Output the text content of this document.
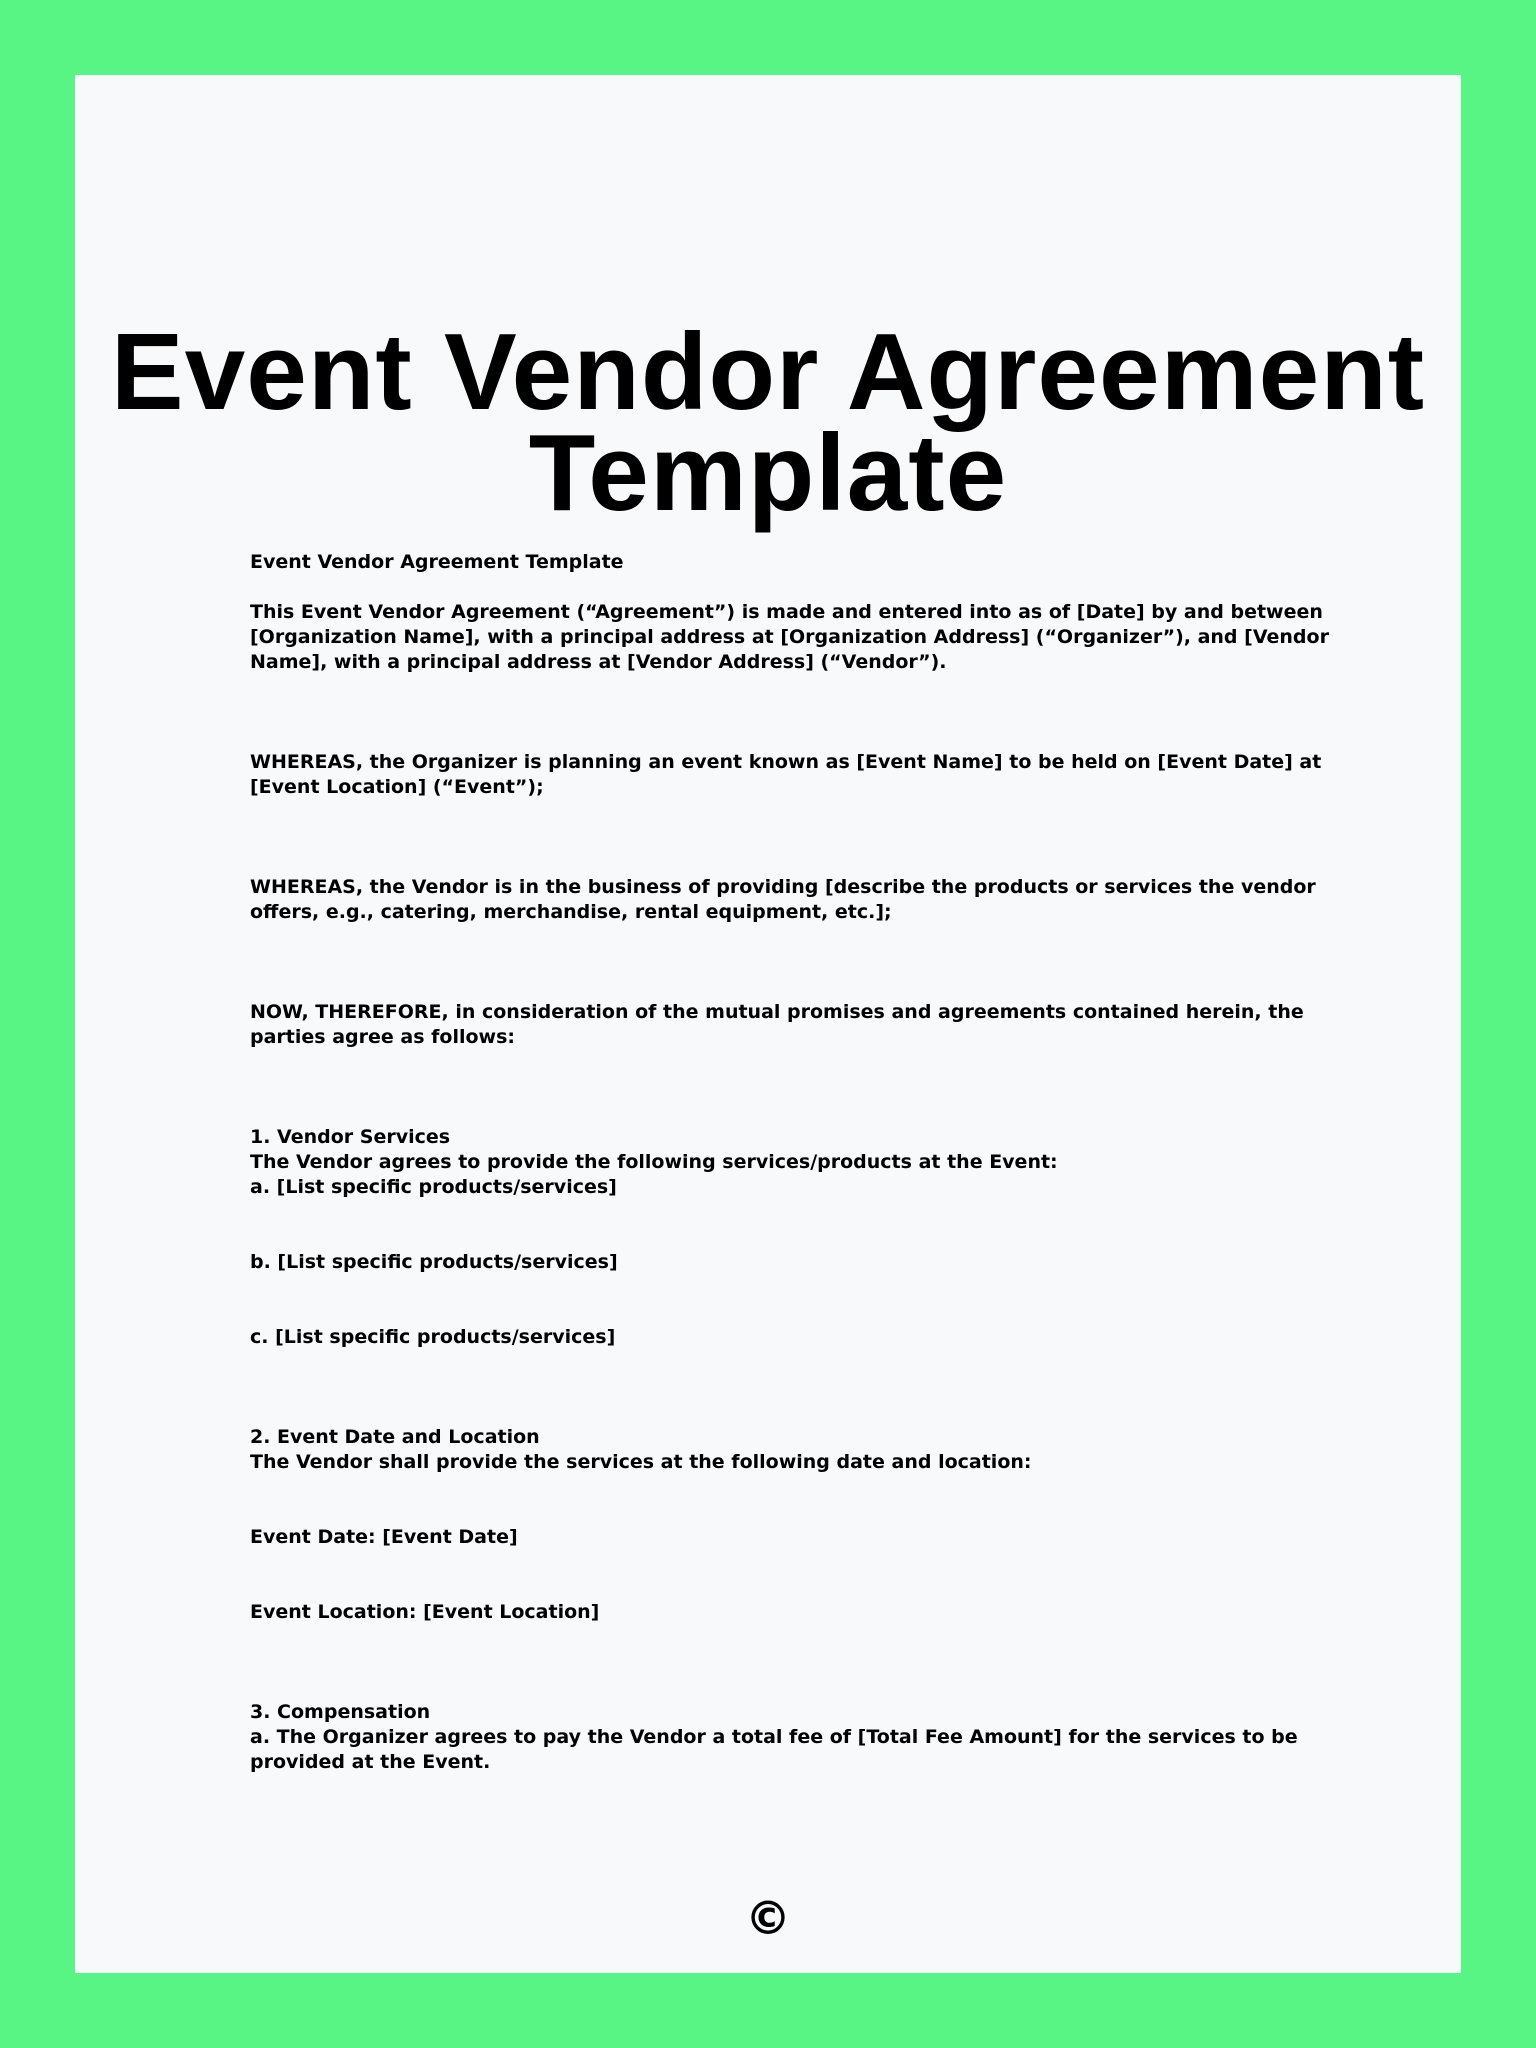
Event Vendor Agreement
Template

Event Vendor Agreement Template

This Event Vendor Agreement (“Agreement”) is made and entered into as of [Date] by and between [Organization Name], with a principal address at [Organization Address] (“Organizer”), and [Vendor Name], with a principal address at [Vendor Address] (“Vendor”).

WHEREAS, the Organizer is planning an event known as [Event Name] to be held on [Event Date] at [Event Location] (“Event”);

WHEREAS, the Vendor is in the business of providing [describe the products or services the vendor offers, e.g., catering, merchandise, rental equipment, etc.];

NOW, THEREFORE, in consideration of the mutual promises and agreements contained herein, the parties agree as follows:

1. Vendor Services

The Vendor agrees to provide the following services/products at the Event:

a. [List specific products/services]

b. [List specific products/services]

c. [List specific products/services]

2. Event Date and Location

The Vendor shall provide the services at the following date and location:

Event Date: [Event Date]

Event Location: [Event Location]

3. Compensation

a. The Organizer agrees to pay the Vendor a total fee of [Total Fee Amount] for the services to be provided at the Event.

©
